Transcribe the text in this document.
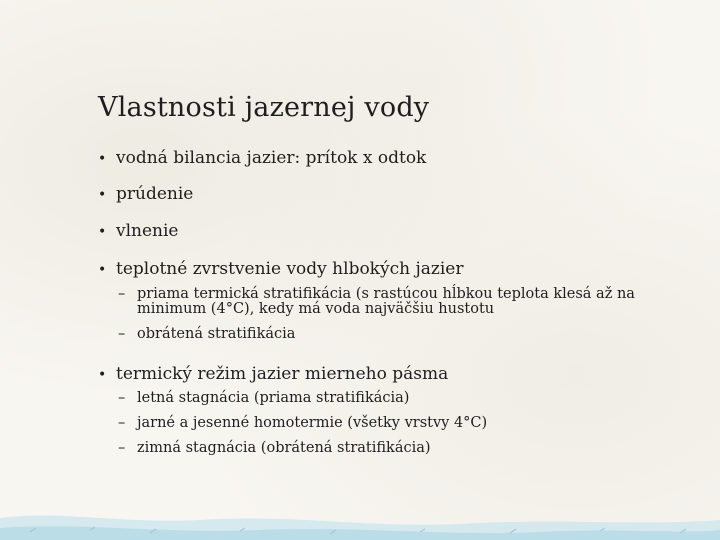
Vlastnosti jazernej vody
• vodná bilancia jazier: prítok x odtok
• prúdenie
• vlnenie
• teplotné zvrstvenie vody hlbokých jazier
– priama termická stratifikácia (s rastúcou hĺbkou teplota klesá až na minimum (4°C), kedy má voda najväčšiu hustotu
– obrátená stratifikácia
• termický režim jazier mierneho pásma
– letná stagnácia (priama stratifikácia)
– jarné a jesenné homotermie (všetky vrstvy 4°C)
– zimná stagnácia (obrátená stratifikácia)
